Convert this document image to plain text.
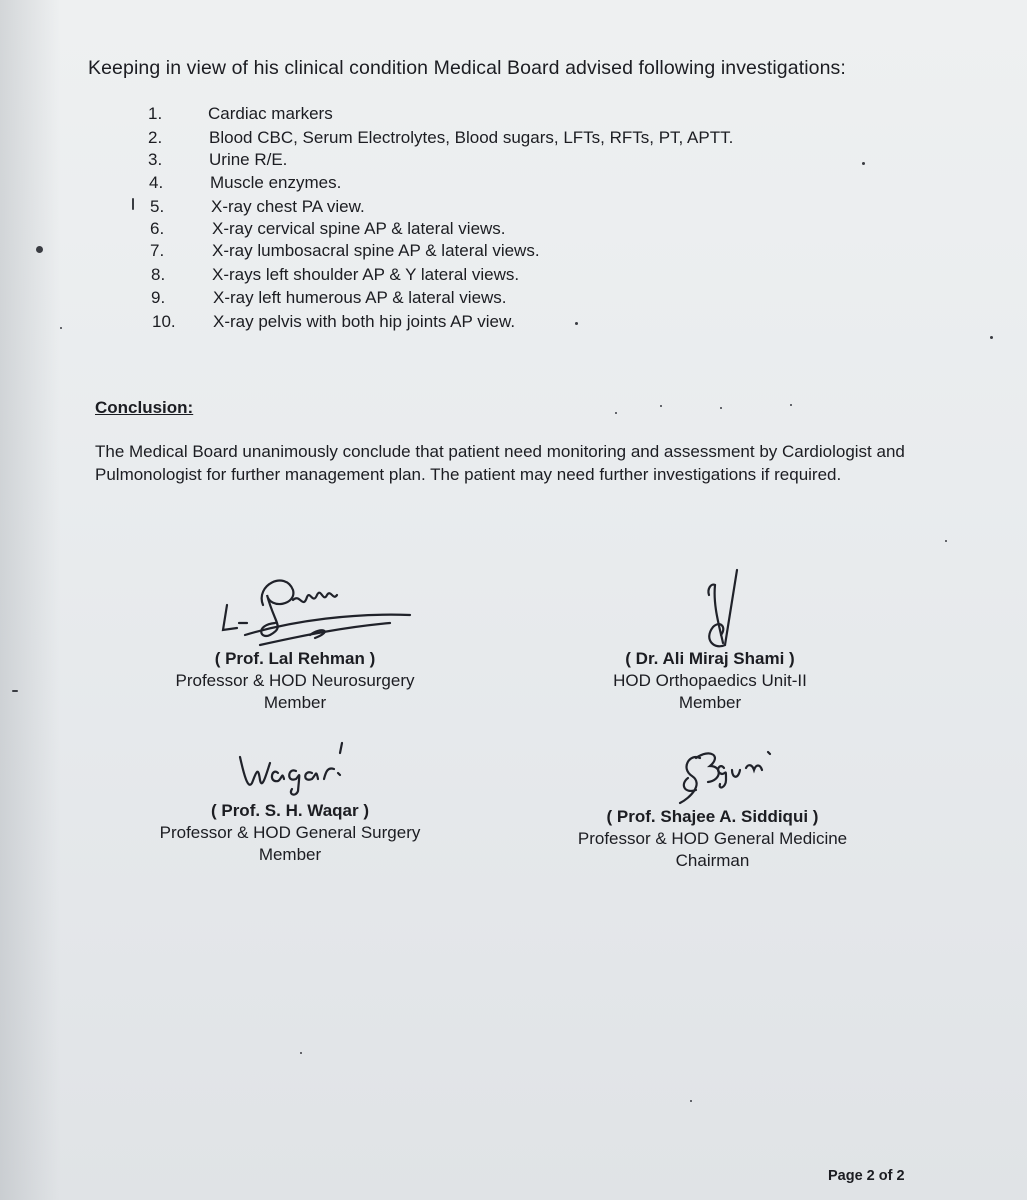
Keeping in view of his clinical condition Medical Board advised following investigations:

1.	Cardiac markers
2.	Blood CBC, Serum Electrolytes, Blood sugars, LFTs, RFTs, PT, APTT.
3.	Urine R/E.
4.	Muscle enzymes.
5.	X-ray chest PA view.
6.	X-ray cervical spine AP & lateral views.
7.	X-ray lumbosacral spine AP & lateral views.
8.	X-rays left shoulder AP & Y lateral views.
9.	X-ray left humerous AP & lateral views.
10.	X-ray pelvis with both hip joints AP view.
Conclusion:

The Medical Board unanimously conclude that patient need monitoring and assessment by Cardiologist and Pulmonologist for further management plan. The patient may need further investigations if required.

( Prof. Lal Rehman )
Professor & HOD Neurosurgery
Member
( Dr. Ali Miraj Shami )
HOD Orthopaedics Unit-II
Member
( Prof. S. H. Waqar )
Professor & HOD General Surgery
Member
( Prof. Shajee A. Siddiqui )
Professor & HOD General Medicine
Chairman
Page 2 of 2
